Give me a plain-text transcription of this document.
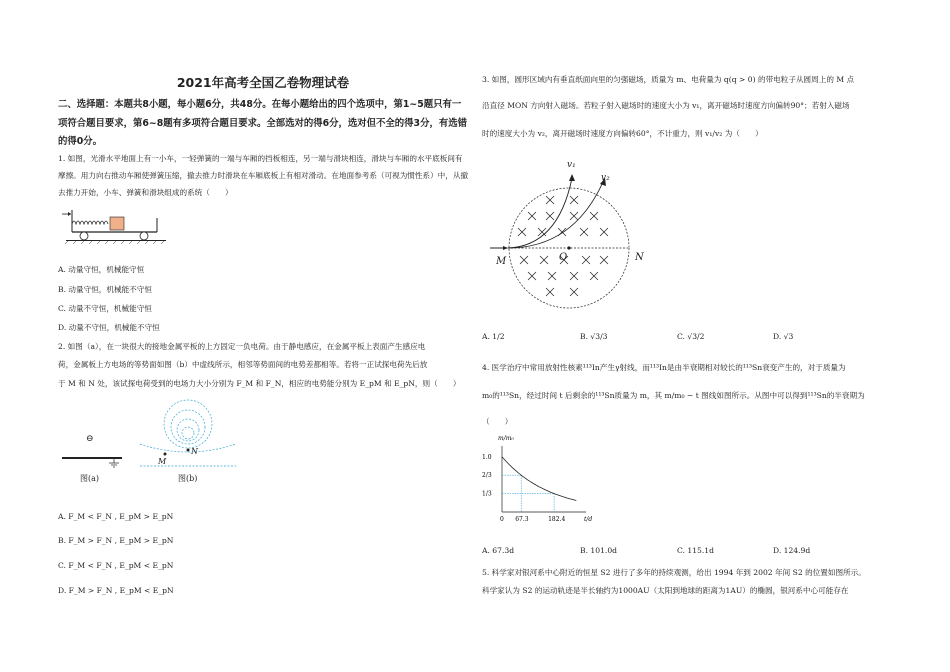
2021年高考全国乙卷物理试卷
二、选择题：本题共8小题，每小题6分，共48分。在每小题给出的四个选项中，第1~5题只有一项符合题目要求，第6~8题有多项符合题目要求。全部选对的得6分，选对但不全的得3分，有选错的得0分。
1. 如图，光滑水平地面上有一小车，一轻弹簧的一端与车厢的挡板相连，另一端与滑块相连，滑块与车厢的水平底板间有摩擦。用力向右推动车厢使弹簧压缩，撤去推力时滑块在车厢底板上有相对滑动。在地面参考系（可视为惯性系）中，从撤去推力开始，小车、弹簧和滑块组成的系统（　　）
A. 动量守恒，机械能守恒
B. 动量守恒，机械能不守恒
C. 动量不守恒，机械能守恒
D. 动量不守恒，机械能不守恒
2. 如图（a），在一块很大的接地金属平板的上方固定一负电荷。由于静电感应，在金属平板上表面产生感应电
荷，金属板上方电场的等势面如图（b）中虚线所示，相邻等势面间的电势差都相等。若将一正试探电荷先后放
于 M 和 N 处，该试探电荷受到的电场力大小分别为 F_M 和 F_N，相应的电势能分别为 E_pM 和 E_pN，则（　　）
⊖
图(a)
M
N
图(b)
A. F_M < F_N , E_pM > E_pN
B. F_M > F_N , E_pM > E_pN
C. F_M < F_N , E_pM < E_pN
D. F_M > F_N , E_pM < E_pN
3. 如图，圆形区域内有垂直纸面向里的匀强磁场，质量为 m、电荷量为 q(q > 0) 的带电粒子从圆周上的 M 点
沿直径 MON 方向射入磁场。若粒子射入磁场时的速度大小为 v₁，离开磁场时速度方向偏转90°；若射入磁场
时的速度大小为 v₂，离开磁场时速度方向偏转60°，不计重力，则 v₁/v₂ 为（　　）
v₁
v₂
M	O	N
A. 1/2	B. √3/3	C. √3/2	D. √3
4. 医学治疗中常用放射性核素¹¹³In产生γ射线，而¹¹³In是由半衰期相对较长的¹¹³Sn衰变产生的，对于质量为
m₀的¹¹³Sn，经过时间 t 后剩余的¹¹³Sn质量为 m，其 m/m₀ − t 图线如图所示。从图中可以得到¹¹³Sn的半衰期为
（　　）
m/m₀
t/d
1.0
2/3
1/3
0 67.3	182.4
A. 67.3d	B. 101.0d	C. 115.1d	D. 124.9d
5. 科学家对银河系中心附近的恒星 S2 进行了多年的持续观测，给出 1994 年到 2002 年间 S2 的位置如图所示。
科学家认为 S2 的运动轨迹是半长轴约为1000AU（太阳到地球的距离为1AU）的椭圆，银河系中心可能存在
